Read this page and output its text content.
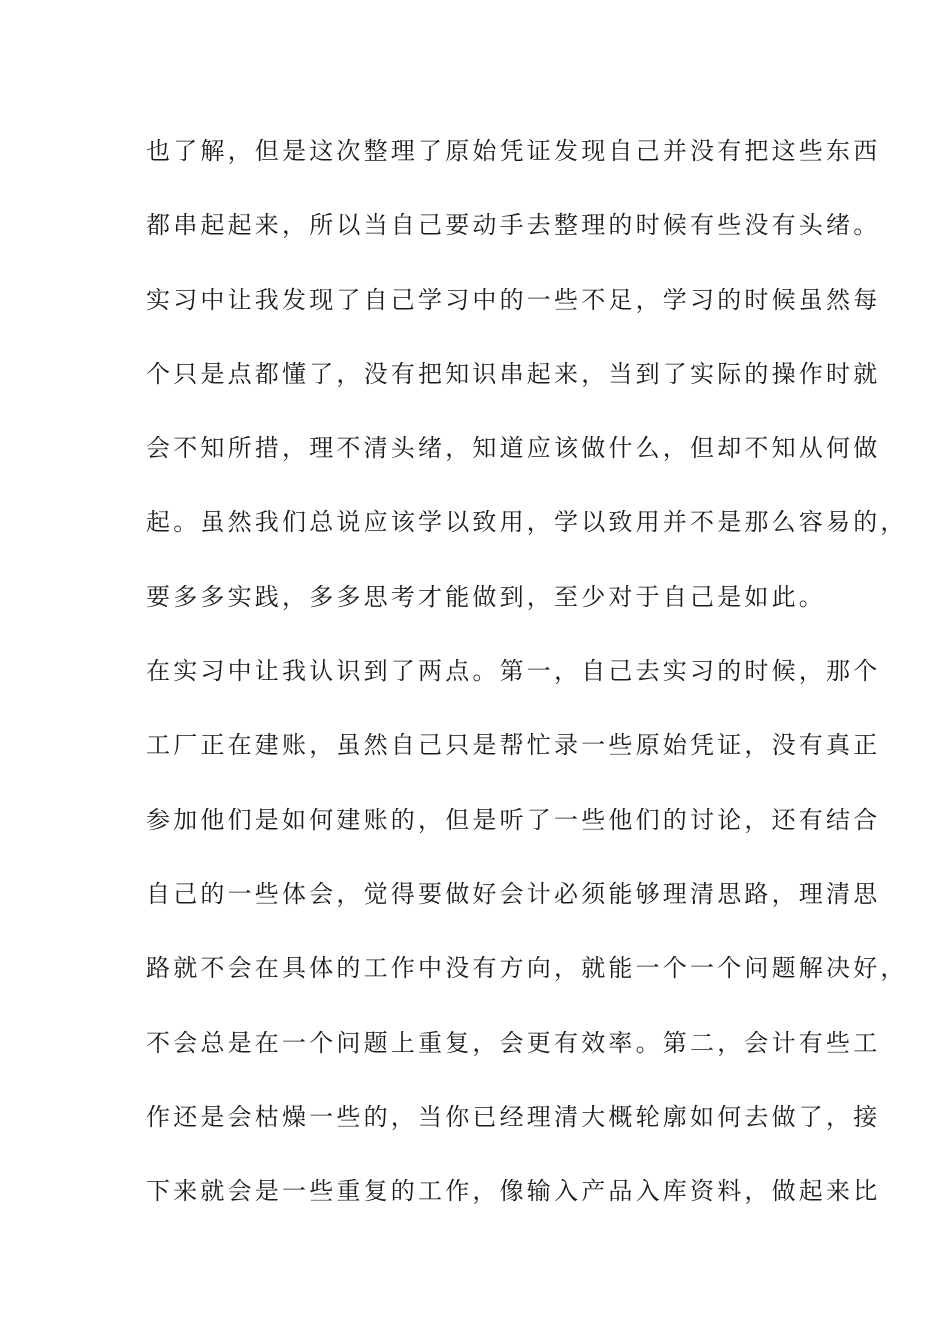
也了解，但是这次整理了原始凭证发现自己并没有把这些东西
都串起起来，所以当自己要动手去整理的时候有些没有头绪。
实习中让我发现了自己学习中的一些不足，学习的时候虽然每
个只是点都懂了，没有把知识串起来，当到了实际的操作时就
会不知所措，理不清头绪，知道应该做什么，但却不知从何做
起。虽然我们总说应该学以致用，学以致用并不是那么容易的，
要多多实践，多多思考才能做到，至少对于自己是如此。
在实习中让我认识到了两点。第一，自己去实习的时候，那个
工厂正在建账，虽然自己只是帮忙录一些原始凭证，没有真正
参加他们是如何建账的，但是听了一些他们的讨论，还有结合
自己的一些体会，觉得要做好会计必须能够理清思路，理清思
路就不会在具体的工作中没有方向，就能一个一个问题解决好，
不会总是在一个问题上重复，会更有效率。第二，会计有些工
作还是会枯燥一些的，当你已经理清大概轮廓如何去做了，接
下来就会是一些重复的工作，像输入产品入库资料，做起来比
